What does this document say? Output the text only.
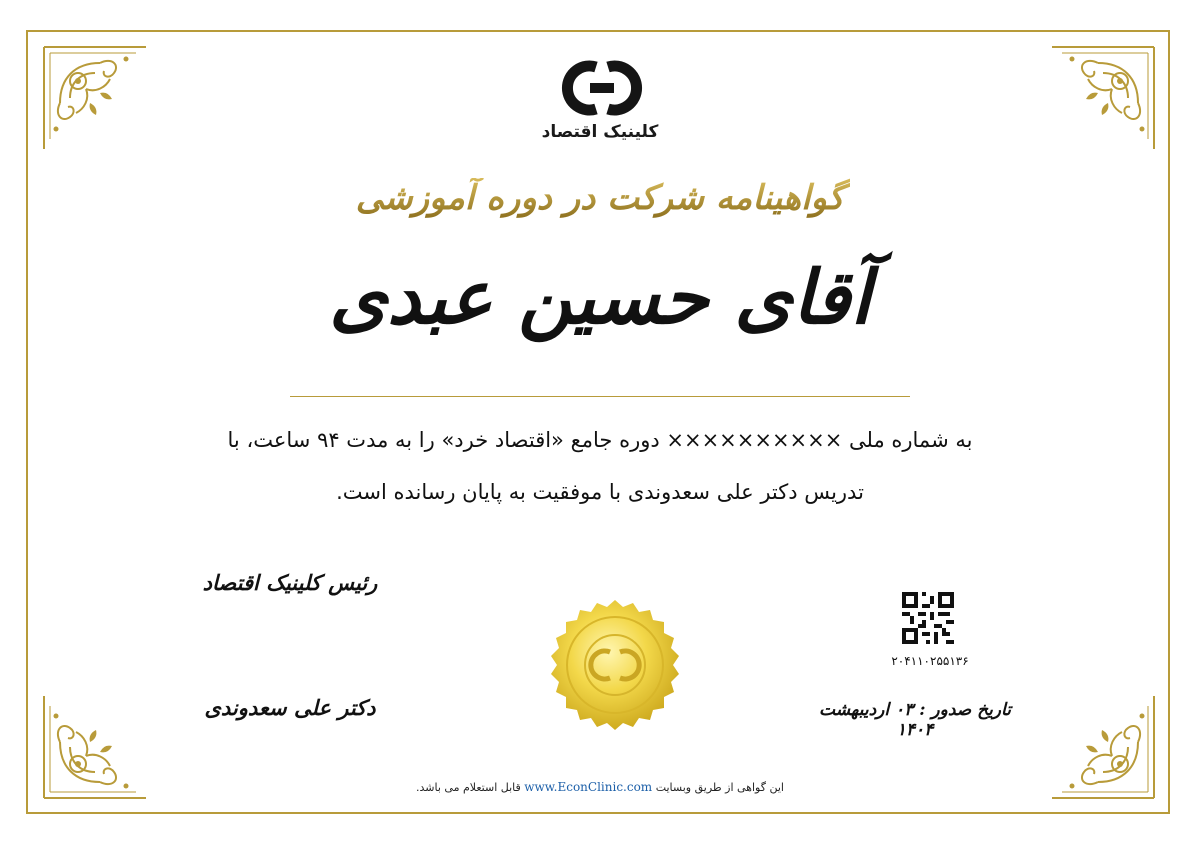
کلینیک اقتصاد
گواهینامه شرکت در دوره آموزشی
آقای حسین عبدی
به شماره ملی ×××××××××× دوره جامع «اقتصاد خرد» را به مدت ۹۴ ساعت، با
تدریس دکتر علی سعدوندی با موفقیت به پایان رسانده است.
رئیس کلینیک اقتصاد
دکتر علی سعدوندی
۲۰۴۱۱۰۲۵۵۱۳۶
تاریخ صدور : ۰۳ اردیبهشت ۱۴۰۴
این گواهی از طریق وبسایت www.EconClinic.com قابل استعلام می باشد.
